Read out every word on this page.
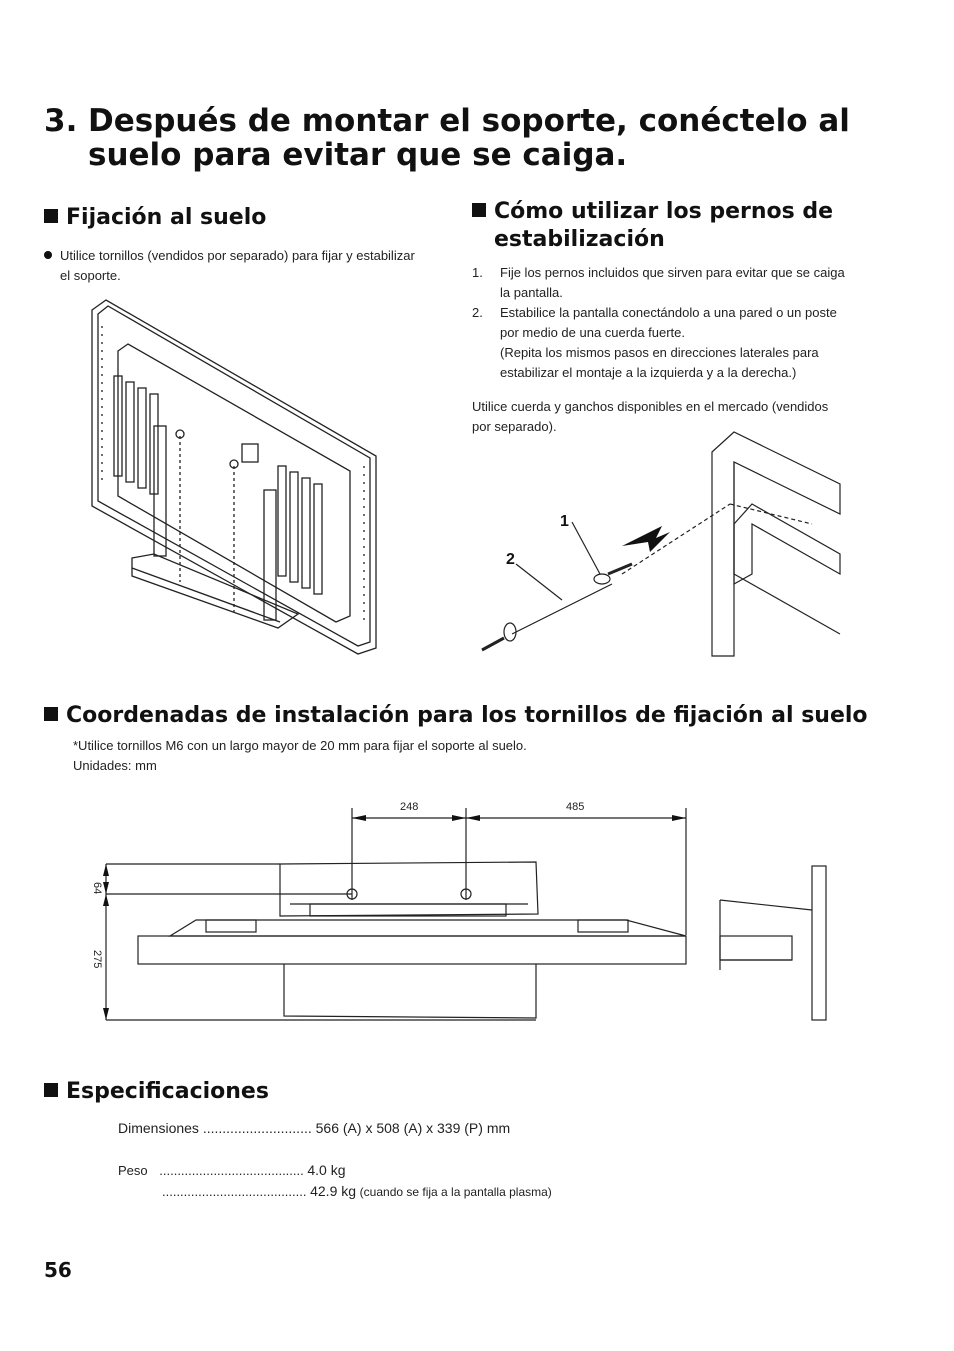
3. Después de montar el soporte, conéctelo al
suelo para evitar que se caiga.
Fijación al suelo
Utilice tornillos (vendidos por separado) para fijar y estabilizar
el soporte.
Cómo utilizar los pernos de
estabilización
1. Fije los pernos incluidos que sirven para evitar que se caiga
la pantalla.
2. Estabilice la pantalla conectándolo a una pared o un poste
por medio de una cuerda fuerte.
(Repita los mismos pasos en direcciones laterales para
estabilizar el montaje a la izquierda y a la derecha.)
Utilice cuerda y ganchos disponibles en el mercado (vendidos
por separado).
1
2
Coordenadas de instalación para los tornillos de fijación al suelo
*Utilice tornillos M6 con un largo mayor de 20 mm para fijar el soporte al suelo.
Unidades: mm
248	485
64
275
Especificaciones
Dimensiones ............................ 566 (A) x 508 (A) x 339 (P) mm
Peso ........................................ 4.0 kg
........................................ 42.9 kg (cuando se fija a la pantalla plasma)
56
